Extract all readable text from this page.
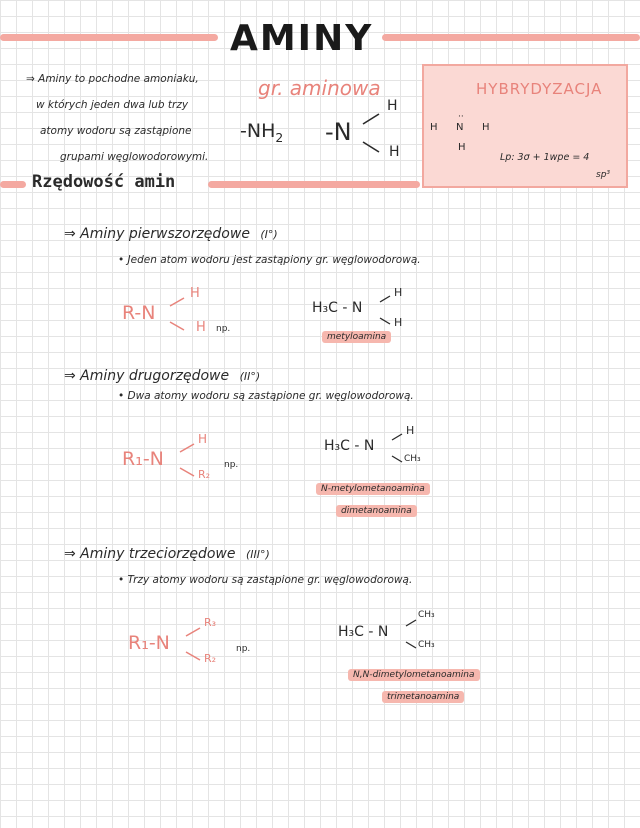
AMINY
⇒ Aminy to pochodne amoniaku,
w których jeden dwa lub trzy
atomy wodoru są zastąpione
grupami węglowodorowymi.
gr. aminowa
$-NH_2$ -N
H
H
HYBRYDYZACJA
H N H
H
··
Lp: 3σ + 1wpe = 4
sp³
Rzędowość amin
⇒ Aminy pierwszorzędowe (I°)
• Jeden atom wodoru jest zastąpiony gr. węglowodorową.
R-N
H
H np.
H₃C - N
H
H
metyloamina
⇒ Aminy drugorzędowe (II°)
• Dwa atomy wodoru są zastąpione gr. węglowodorową.
R₁-N
H
R₂
np.
H₃C - N
H
CH₃
N-metylometanoamina
dimetanoamina
⇒ Aminy trzeciorzędowe (III°)
• Trzy atomy wodoru są zastąpione gr. węglowodorową.
R₁-N
R₃
R₂
np.
H₃C - N
CH₃
CH₃
N,N-dimetylometanoamina
trimetanoamina
